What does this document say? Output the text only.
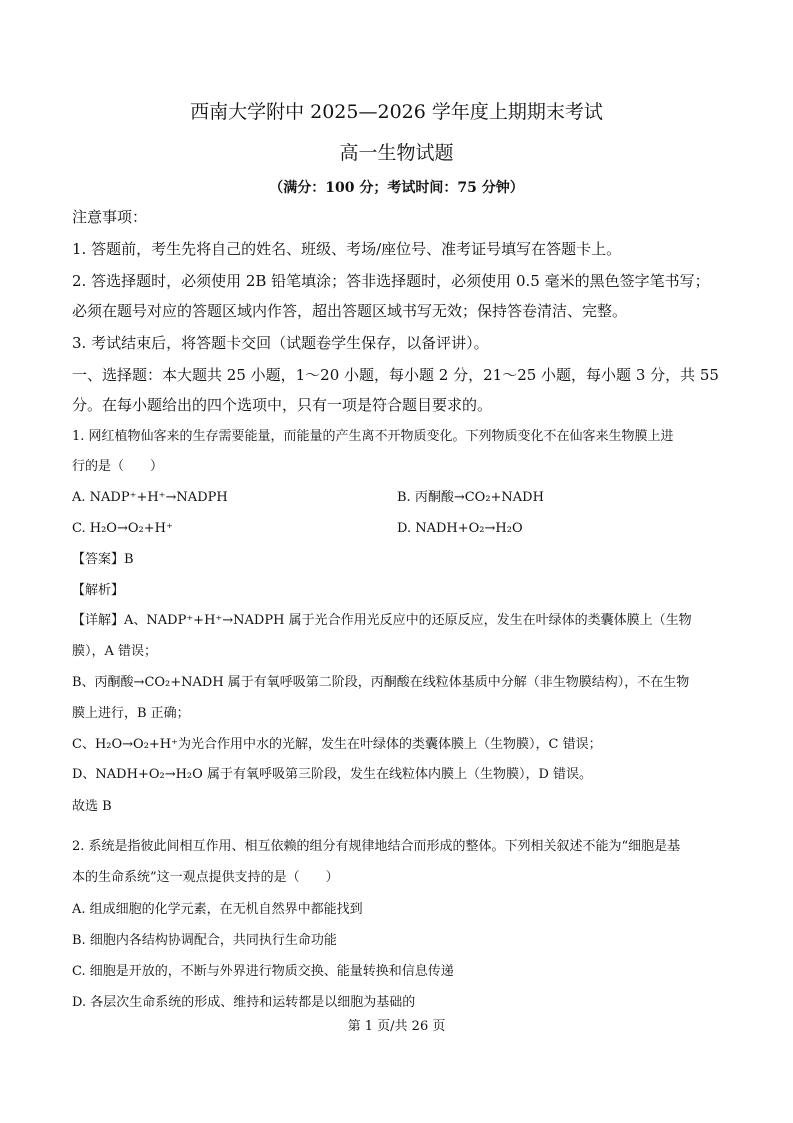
西南大学附中 2025—2026 学年度上期期末考试
高一生物试题
（满分：100 分；考试时间：75 分钟）
注意事项：
1. 答题前，考生先将自己的姓名、班级、考场/座位号、准考证号填写在答题卡上。
2. 答选择题时，必须使用 2B 铅笔填涂；答非选择题时，必须使用 0.5 毫米的黑色签字笔书写；
必须在题号对应的答题区域内作答，超出答题区域书写无效；保持答卷清洁、完整。
3. 考试结束后，将答题卡交回（试题卷学生保存，以备评讲）。
一、选择题：本大题共 25 小题，1～20 小题，每小题 2 分，21～25 小题，每小题 3 分，共 55
分。在每小题给出的四个选项中，只有一项是符合题目要求的。
1. 网红植物仙客来的生存需要能量，而能量的产生离不开物质变化。下列物质变化不在仙客来生物膜上进
行的是（　　）
A. NADP⁺+H⁺→NADPH	B. 丙酮酸→CO₂+NADH
C. H₂O→O₂+H⁺	D. NADH+O₂→H₂O
【答案】B
【解析】
【详解】A、NADP⁺+H⁺→NADPH 属于光合作用光反应中的还原反应，发生在叶绿体的类囊体膜上（生物
膜），A 错误；
B、丙酮酸→CO₂+NADH 属于有氧呼吸第二阶段，丙酮酸在线粒体基质中分解（非生物膜结构），不在生物
膜上进行，B 正确；
C、H₂O→O₂+H⁺为光合作用中水的光解，发生在叶绿体的类囊体膜上（生物膜），C 错误；
D、NADH+O₂→H₂O 属于有氧呼吸第三阶段，发生在线粒体内膜上（生物膜），D 错误。
故选 B
2. 系统是指彼此间相互作用、相互依赖的组分有规律地结合而形成的整体。下列相关叙述不能为“细胞是基
本的生命系统”这一观点提供支持的是（　　）
A. 组成细胞的化学元素，在无机自然界中都能找到
B. 细胞内各结构协调配合，共同执行生命功能
C. 细胞是开放的，不断与外界进行物质交换、能量转换和信息传递
D. 各层次生命系统的形成、维持和运转都是以细胞为基础的
第 1 页/共 26 页
